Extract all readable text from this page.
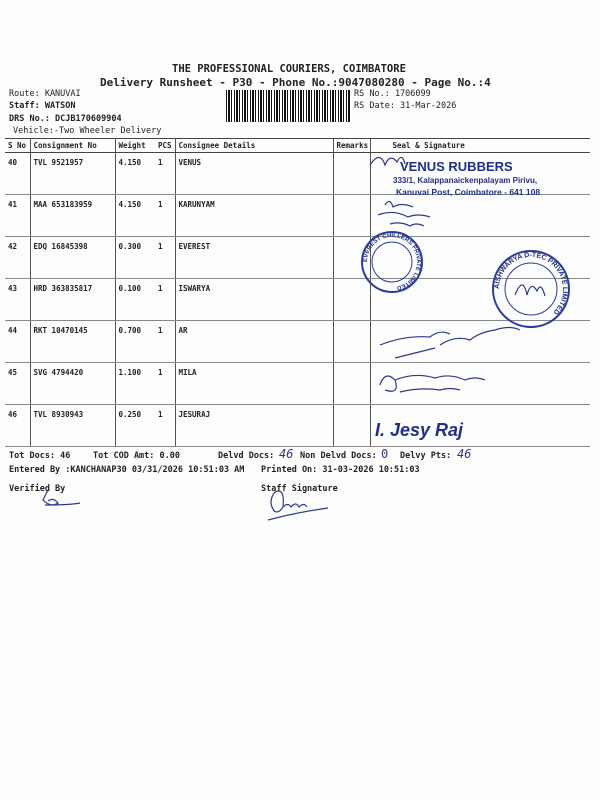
THE PROFESSIONAL COURIERS, COIMBATORE
Delivery Runsheet - P30 - Phone No.:9047080280 - Page No.:4
Route: KANUVAI
Staff: WATSON
DRS No.: DCJB170609904
Vehicle:-Two Wheeler Delivery
RS No.: 1706099
RS Date: 31-Mar-2026
S No	Consignment No	Weight	PCS	Consignee Details	Remarks	Seal & Signature
40	TVL 9521957	4.150	1	VENUS		
41	MAA 653183959	4.150	1	KARUNYAM		
42	EDQ 16845398	0.300	1	EVEREST		
43	HRD 363835817	0.100	1	ISWARYA		
44	RKT 10470145	0.700	1	AR		
45	SVG 4794420	1.100	1	MILA		
46	TVL 8930943	0.250	1	JESURAJ		
VENUS RUBBERS
333/1, Kalappanaickenpalayam Pirivu,
Kanuvai Post, Coimbatore - 641 108
EVEREST CHILLERS PRIVATE LIMITED	AISHWARYA D-TEC PRIVATE LIMITED
I. Jesy Raj
Tot Docs: 46	Tot COD Amt: 0.00	Delvd Docs: 46 Non Delvd Docs: 0 Delvy Pts: 46
Entered By :KANCHANAP30 03/31/2026 10:51:03 AM Printed On: 31-03-2026 10:51:03
Verified By	Staff Signature
